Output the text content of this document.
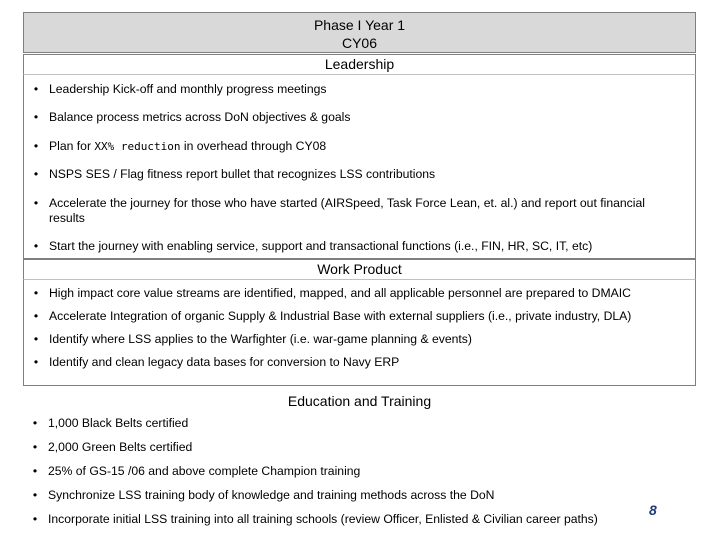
Phase I Year 1
CY06
Leadership
• Leadership Kick-off and monthly progress meetings
• Balance process metrics across DoN objectives & goals
• Plan for XX% reduction in overhead through CY08
• NSPS SES / Flag fitness report bullet that recognizes LSS contributions
• Accelerate the journey for those who have started (AIRSpeed, Task Force Lean, et. al.) and report out financial results
• Start the journey with enabling service, support and transactional functions (i.e., FIN, HR, SC, IT, etc)
Work Product
• High impact core value streams are identified, mapped, and all applicable personnel are prepared to DMAIC
• Accelerate Integration of organic Supply & Industrial Base with external suppliers (i.e., private industry, DLA)
• Identify where LSS applies to the Warfighter (i.e. war-game planning & events)
• Identify and clean legacy data bases for conversion to Navy ERP
Education and Training
• 1,000 Black Belts certified
• 2,000 Green Belts certified
• 25% of GS-15 /06 and above complete Champion training
• Synchronize LSS training body of knowledge and training methods across the DoN
• Incorporate initial LSS training into all training schools (review Officer, Enlisted & Civilian career paths)
8
